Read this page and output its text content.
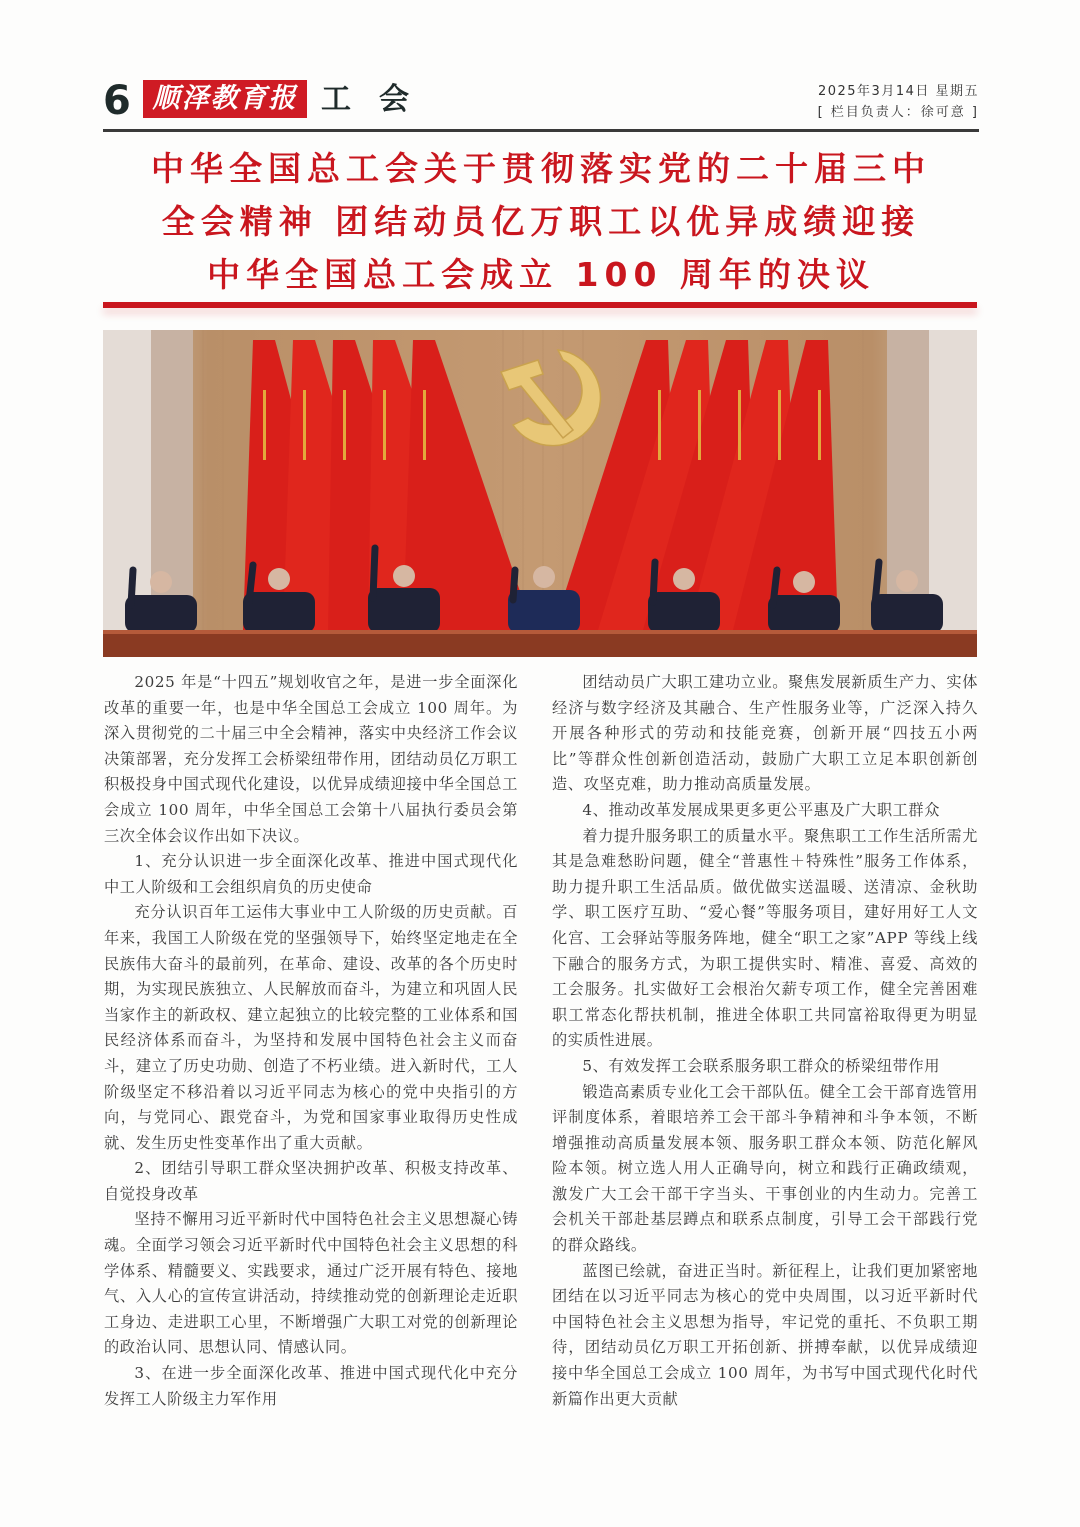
6 顺泽教育报 工会	2025年3月14日 星期五
[ 栏目负责人：徐可意 ]
中华全国总工会关于贯彻落实党的二十届三中
全会精神 团结动员亿万职工以优异成绩迎接
中华全国总工会成立 100 周年的决议

2025 年是“十四五”规划收官之年，是进一步全面深化改革的重要一年，也是中华全国总工会成立 100 周年。为深入贯彻党的二十届三中全会精神，落实中央经济工作会议决策部署，充分发挥工会桥梁纽带作用，团结动员亿万职工积极投身中国式现代化建设，以优异成绩迎接中华全国总工会成立 100 周年，中华全国总工会第十八届执行委员会第三次全体会议作出如下决议。

1、充分认识进一步全面深化改革、推进中国式现代化中工人阶级和工会组织肩负的历史使命

充分认识百年工运伟大事业中工人阶级的历史贡献。百年来，我国工人阶级在党的坚强领导下，始终坚定地走在全民族伟大奋斗的最前列，在革命、建设、改革的各个历史时期，为实现民族独立、人民解放而奋斗，为建立和巩固人民当家作主的新政权、建立起独立的比较完整的工业体系和国民经济体系而奋斗，为坚持和发展中国特色社会主义而奋斗，建立了历史功勋、创造了不朽业绩。进入新时代，工人阶级坚定不移沿着以习近平同志为核心的党中央指引的方向，与党同心、跟党奋斗，为党和国家事业取得历史性成就、发生历史性变革作出了重大贡献。

2、团结引导职工群众坚决拥护改革、积极支持改革、自觉投身改革

坚持不懈用习近平新时代中国特色社会主义思想凝心铸魂。全面学习领会习近平新时代中国特色社会主义思想的科学体系、精髓要义、实践要求，通过广泛开展有特色、接地气、入人心的宣传宣讲活动，持续推动党的创新理论走近职工身边、走进职工心里，不断增强广大职工对党的创新理论的政治认同、思想认同、情感认同。

3、在进一步全面深化改革、推进中国式现代化中充分发挥工人阶级主力军作用

团结动员广大职工建功立业。聚焦发展新质生产力、实体经济与数字经济及其融合、生产性服务业等，广泛深入持久开展各种形式的劳动和技能竞赛，创新开展“四技五小两比”等群众性创新创造活动，鼓励广大职工立足本职创新创造、攻坚克难，助力推动高质量发展。

4、推动改革发展成果更多更公平惠及广大职工群众

着力提升服务职工的质量水平。聚焦职工工作生活所需尤其是急难愁盼问题，健全“普惠性＋特殊性”服务工作体系，助力提升职工生活品质。做优做实送温暖、送清凉、金秋助学、职工医疗互助、“爱心餐”等服务项目，建好用好工人文化宫、工会驿站等服务阵地，健全“职工之家”APP 等线上线下融合的服务方式，为职工提供实时、精准、喜爱、高效的工会服务。扎实做好工会根治欠薪专项工作，健全完善困难职工常态化帮扶机制，推进全体职工共同富裕取得更为明显的实质性进展。

5、有效发挥工会联系服务职工群众的桥梁纽带作用

锻造高素质专业化工会干部队伍。健全工会干部育选管用评制度体系，着眼培养工会干部斗争精神和斗争本领，不断增强推动高质量发展本领、服务职工群众本领、防范化解风险本领。树立选人用人正确导向，树立和践行正确政绩观，激发广大工会干部干字当头、干事创业的内生动力。完善工会机关干部赴基层蹲点和联系点制度，引导工会干部践行党的群众路线。

蓝图已绘就，奋进正当时。新征程上，让我们更加紧密地团结在以习近平同志为核心的党中央周围，以习近平新时代中国特色社会主义思想为指导，牢记党的重托、不负职工期待，团结动员亿万职工开拓创新、拼搏奉献，以优异成绩迎接中华全国总工会成立 100 周年，为书写中国式现代化时代新篇作出更大贡献
